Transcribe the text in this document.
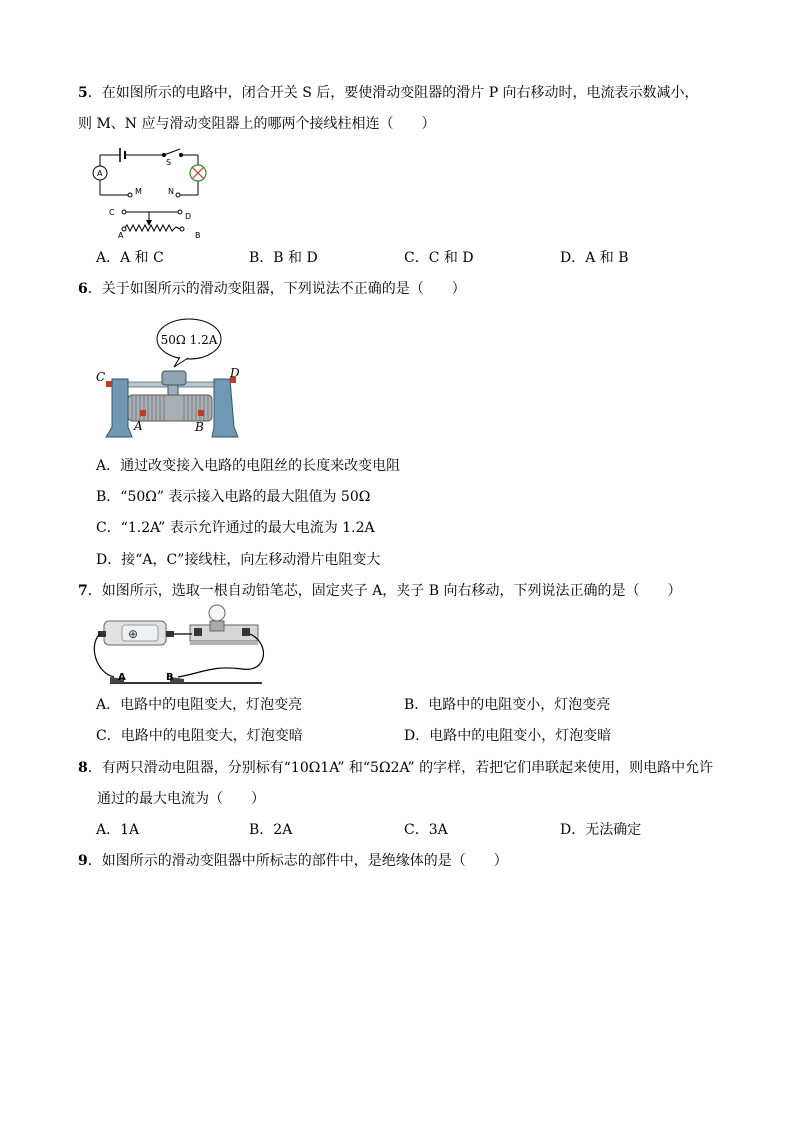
5．在如图所示的电路中，闭合开关 S 后，要使滑动变阻器的滑片 P 向右移动时，电流表示数减小，
则 M、N 应与滑动变阻器上的哪两个接线柱相连（　　）
A
S
M	N
C	D
A	B
A．A 和 C	B．B 和 D	C．C 和 D	D．A 和 B
6．关于如图所示的滑动变阻器，下列说法不正确的是（　　）
50Ω 1.2A
C	D
A	B
A．通过改变接入电路的电阻丝的长度来改变电阻
B．“50Ω” 表示接入电路的最大阻值为 50Ω
C．“1.2A” 表示允许通过的最大电流为 1.2A
D．接“A，C”接线柱，向左移动滑片电阻变大
7．如图所示，选取一根自动铅笔芯，固定夹子 A，夹子 B 向右移动，下列说法正确的是（　　）
⊕
A	B
A．电路中的电阻变大，灯泡变亮	B．电路中的电阻变小，灯泡变亮
C．电路中的电阻变大，灯泡变暗	D．电路中的电阻变小，灯泡变暗
8．有两只滑动电阻器，分别标有“10Ω1A” 和“5Ω2A” 的字样，若把它们串联起来使用，则电路中允许
通过的最大电流为（　　）
A．1A	B．2A	C．3A	D．无法确定
9．如图所示的滑动变阻器中所标志的部件中，是绝缘体的是（　　）
